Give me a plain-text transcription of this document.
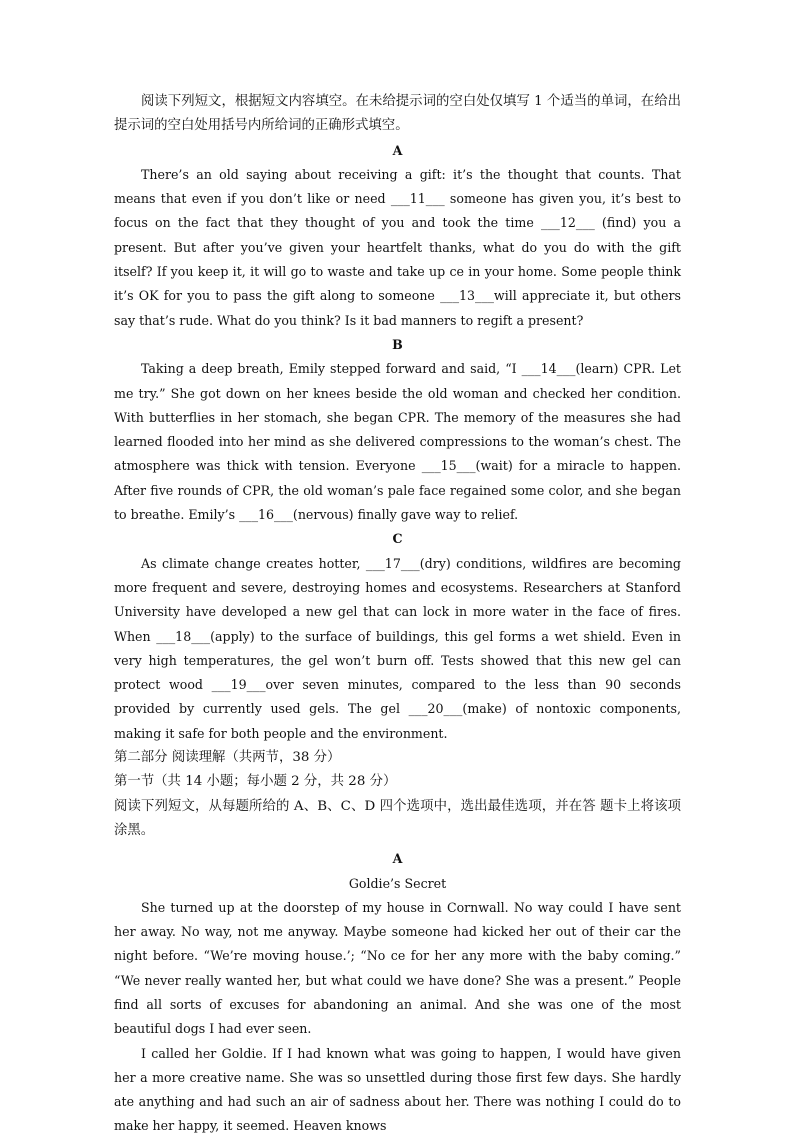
阅读下列短文，根据短文内容填空。在未给提示词的空白处仅填写 1 个适当的单词，在给出提示词的空白处用括号内所给词的正确形式填空。

A

There’s an old saying about receiving a gift: it’s the thought that counts. That means that even if you don’t like or need ___11___ someone has given you, it’s best to focus on the fact that they thought of you and took the time ___12___ (find) you a present. But after you’ve given your heartfelt thanks, what do you do with the gift itself? If you keep it, it will go to waste and take up ce in your home. Some people think it’s OK for you to pass the gift along to someone ___13___will appreciate it, but others say that’s rude. What do you think? Is it bad manners to regift a present?

B

Taking a deep breath, Emily stepped forward and said, “I ___14___(learn) CPR. Let me try.” She got down on her knees beside the old woman and checked her condition. With butterflies in her stomach, she began CPR. The memory of the measures she had learned flooded into her mind as she delivered compressions to the woman’s chest. The atmosphere was thick with tension. Everyone ___15___(wait) for a miracle to happen. After five rounds of CPR, the old woman’s pale face regained some color, and she began to breathe. Emily’s ___16___(nervous) finally gave way to relief.

C

As climate change creates hotter, ___17___(dry) conditions, wildfires are becoming more frequent and severe, destroying homes and ecosystems. Researchers at Stanford University have developed a new gel that can lock in more water in the face of fires. When ___18___(apply) to the surface of buildings, this gel forms a wet shield. Even in very high temperatures, the gel won’t burn off. Tests showed that this new gel can protect wood ___19___over seven minutes, compared to the less than 90 seconds provided by currently used gels. The gel ___20___(make) of nontoxic components, making it safe for both people and the environment.

第二部分 阅读理解（共两节，38 分）

第一节（共 14 小题；每小题 2 分，共 28 分）

阅读下列短文，从每题所给的 A、B、C、D 四个选项中，选出最佳选项，并在答 题卡上将该项涂黑。

A
Goldie’s Secret

She turned up at the doorstep of my house in Cornwall. No way could I have sent her away. No way, not me anyway. Maybe someone had kicked her out of their car the night before. “We’re moving house.’; “No ce for her any more with the baby coming.” “We never really wanted her, but what could we have done? She was a present.” People find all sorts of excuses for abandoning an animal. And she was one of the most beautiful dogs I had ever seen.

I called her Goldie. If I had known what was going to happen, I would have given her a more creative name. She was so unsettled during those first few days. She hardly ate anything and had such an air of sadness about her. There was nothing I could do to make her happy, it seemed. Heaven knows
